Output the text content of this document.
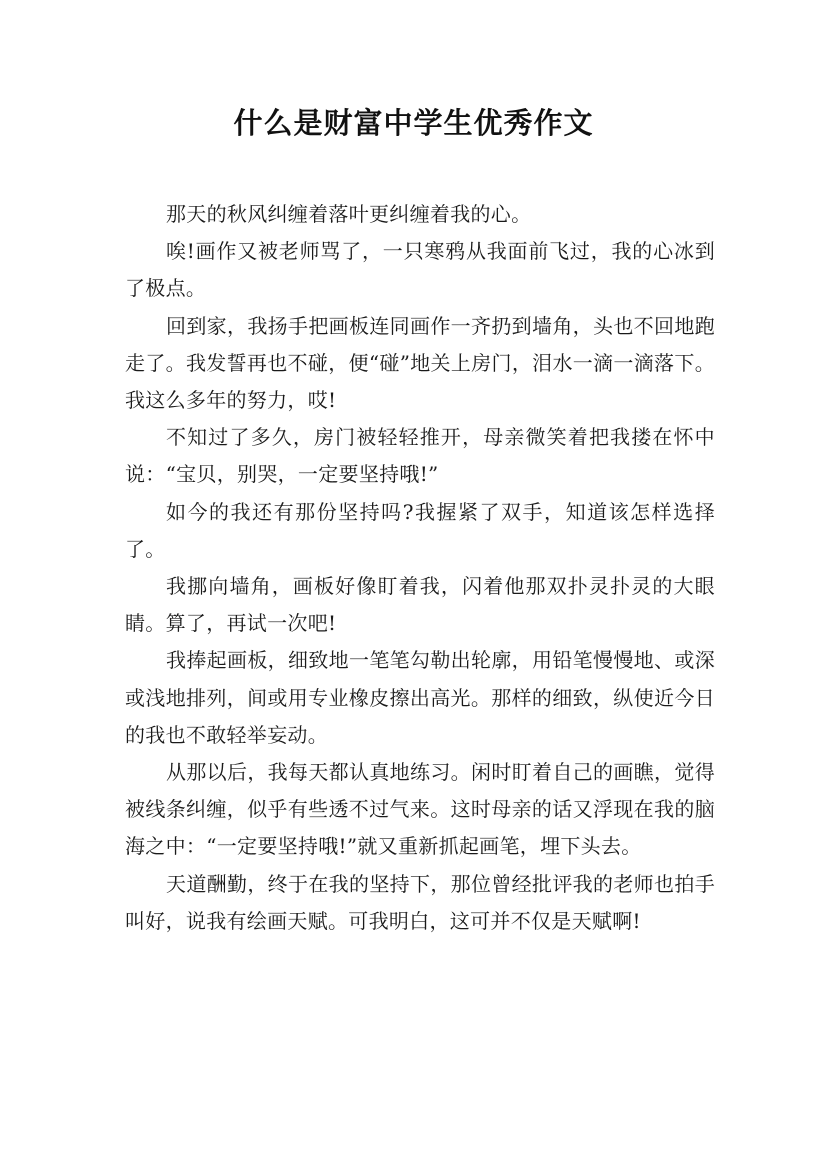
什么是财富中学生优秀作文

那天的秋风纠缠着落叶更纠缠着我的心。

唉!画作又被老师骂了，一只寒鸦从我面前飞过，我的心冰到了极点。

回到家，我扬手把画板连同画作一齐扔到墙角，头也不回地跑走了。我发誓再也不碰，便“碰”地关上房门，泪水一滴一滴落下。我这么多年的努力，哎!

不知过了多久，房门被轻轻推开，母亲微笑着把我搂在怀中说：“宝贝，别哭，一定要坚持哦!”

如今的我还有那份坚持吗?我握紧了双手，知道该怎样选择了。

我挪向墙角，画板好像盯着我，闪着他那双扑灵扑灵的大眼睛。算了，再试一次吧!

我捧起画板，细致地一笔笔勾勒出轮廓，用铅笔慢慢地、或深或浅地排列，间或用专业橡皮擦出高光。那样的细致，纵使近今日的我也不敢轻举妄动。

从那以后，我每天都认真地练习。闲时盯着自己的画瞧，觉得被线条纠缠，似乎有些透不过气来。这时母亲的话又浮现在我的脑海之中：“一定要坚持哦!”就又重新抓起画笔，埋下头去。

天道酬勤，终于在我的坚持下，那位曾经批评我的老师也拍手叫好，说我有绘画天赋。可我明白，这可并不仅是天赋啊!
